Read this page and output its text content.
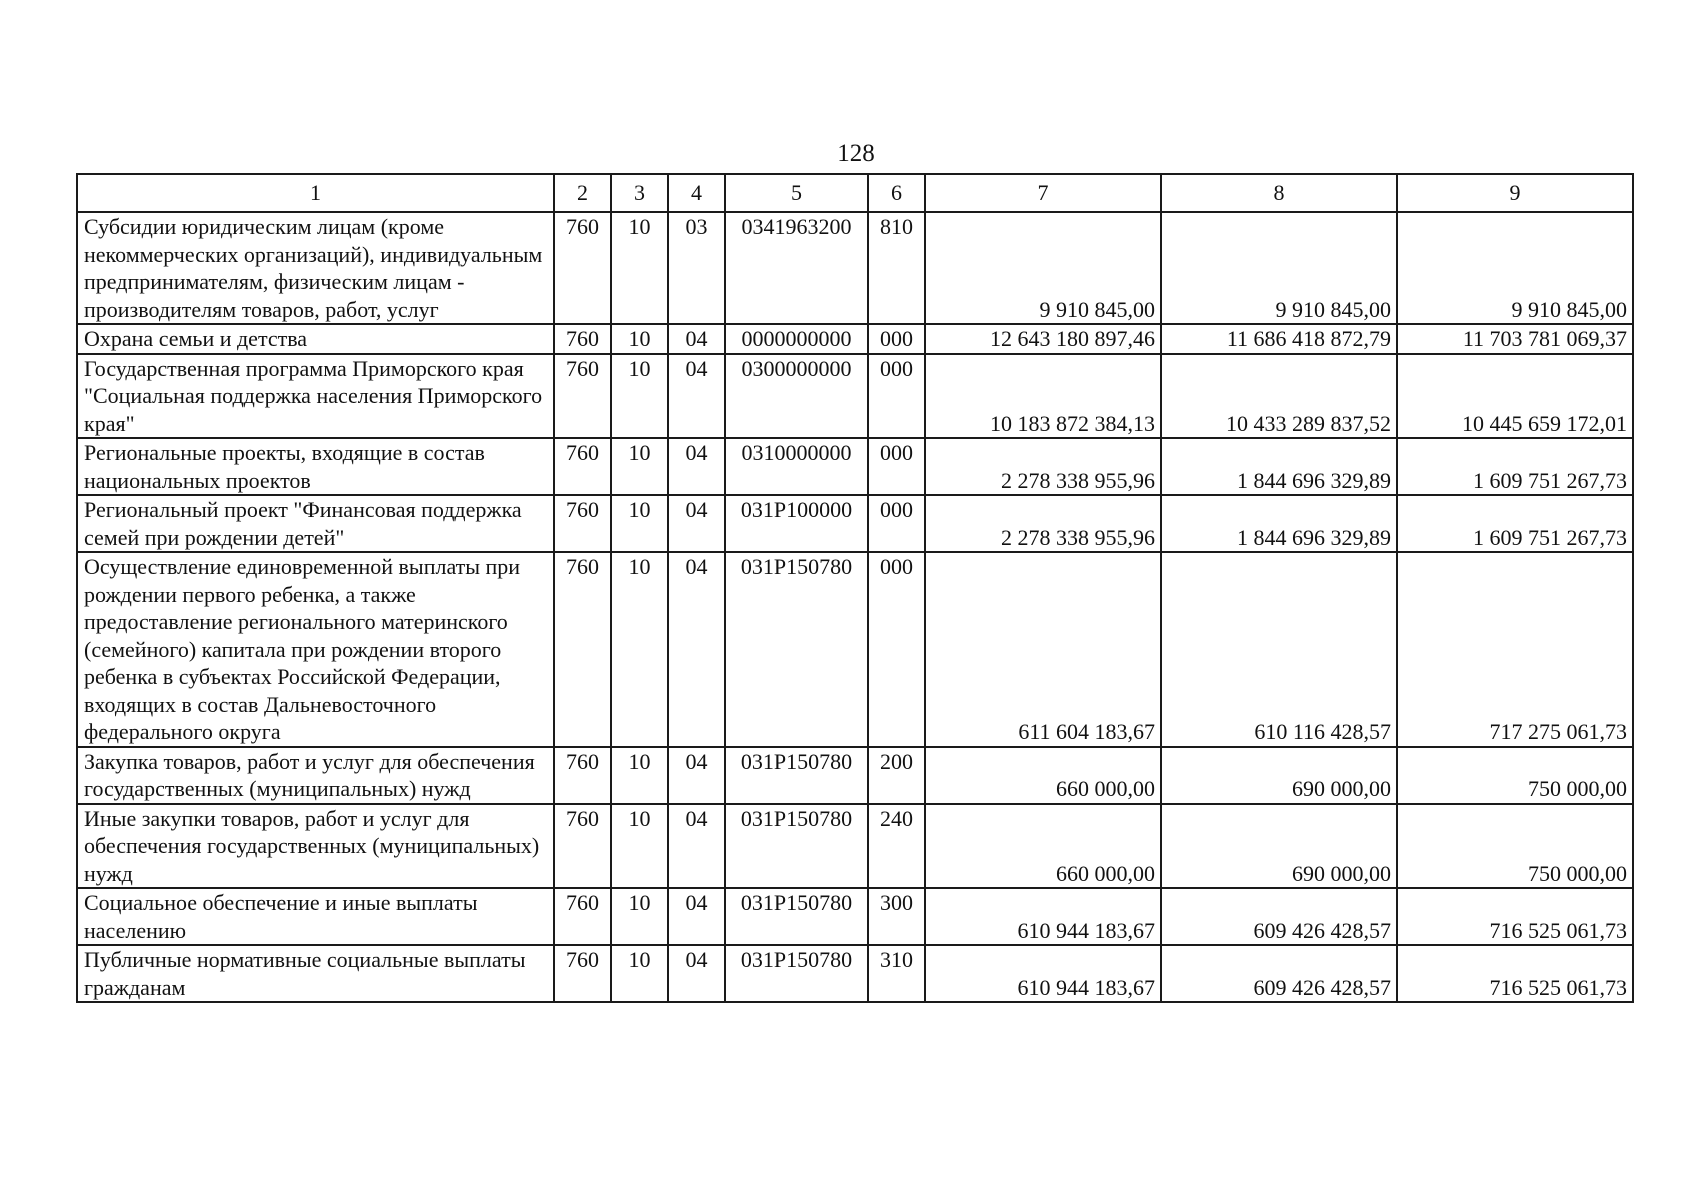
128
1	2	3	4	5	6	7	8	9
Субсидии юридическим лицам (кроме некоммерческих организаций), индивидуальным предпринимателям, физическим лицам - производителям товаров, работ, услуг	760	10	03	0341963200	810	9 910 845,00	9 910 845,00	9 910 845,00
Охрана семьи и детства	760	10	04	0000000000	000	12 643 180 897,46	11 686 418 872,79	11 703 781 069,37
Государственная программа Приморского края "Социальная поддержка населения Приморского края"	760	10	04	0300000000	000	10 183 872 384,13	10 433 289 837,52	10 445 659 172,01
Региональные проекты, входящие в состав национальных проектов	760	10	04	0310000000	000	2 278 338 955,96	1 844 696 329,89	1 609 751 267,73
Региональный проект "Финансовая поддержка семей при рождении детей"	760	10	04	031P100000	000	2 278 338 955,96	1 844 696 329,89	1 609 751 267,73
Осуществление единовременной выплаты при рождении первого ребенка, а также предоставление регионального материнского (семейного) капитала при рождении второго ребенка в субъектах Российской Федерации, входящих в состав Дальневосточного федерального округа	760	10	04	031P150780	000	611 604 183,67	610 116 428,57	717 275 061,73
Закупка товаров, работ и услуг для обеспечения государственных (муниципальных) нужд	760	10	04	031P150780	200	660 000,00	690 000,00	750 000,00
Иные закупки товаров, работ и услуг для обеспечения государственных (муниципальных) нужд	760	10	04	031P150780	240	660 000,00	690 000,00	750 000,00
Социальное обеспечение и иные выплаты населению	760	10	04	031P150780	300	610 944 183,67	609 426 428,57	716 525 061,73
Публичные нормативные социальные выплаты гражданам	760	10	04	031P150780	310	610 944 183,67	609 426 428,57	716 525 061,73
